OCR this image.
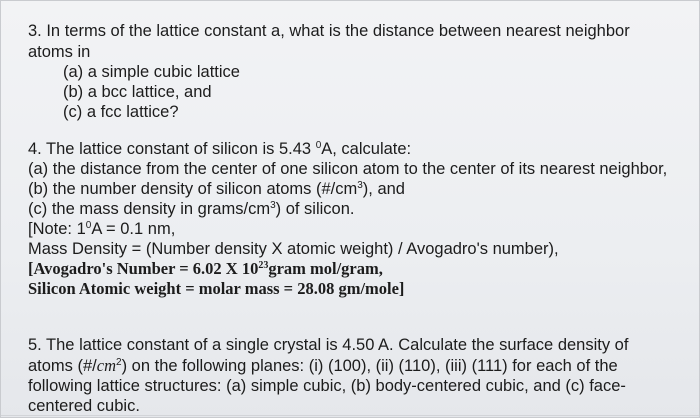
3. In terms of the lattice constant a, what is the distance between nearest neighbor
atoms in
(a) a simple cubic lattice
(b) a bcc lattice, and
(c) a fcc lattice?
4. The lattice constant of silicon is 5.43 $^0$A, calculate:
(a) the distance from the center of one silicon atom to the center of its nearest neighbor,
(b) the number density of silicon atoms $(\#/cm^3)$, and
(c) the mass density in grams/$cm^3$) of silicon.
[Note: $1^0A = 0.1$ nm,
Mass Density = (Number density X atomic weight) / Avogadro's number),
[Avogadro's Number = 6.02 X $10^{23}gram$ mol/gram,
Silicon Atomic weight = molar mass = 28.08 gm/mole]
5. The lattice constant of a single crystal is 4.50 A. Calculate the surface density of
atoms $(\#/cm^2)$ on the following planes: (i) (100), (ii) (110), (iii) (111) for each of the
following lattice structures: (a) simple cubic, (b) body-centered cubic, and (c) face-
centered cubic.
